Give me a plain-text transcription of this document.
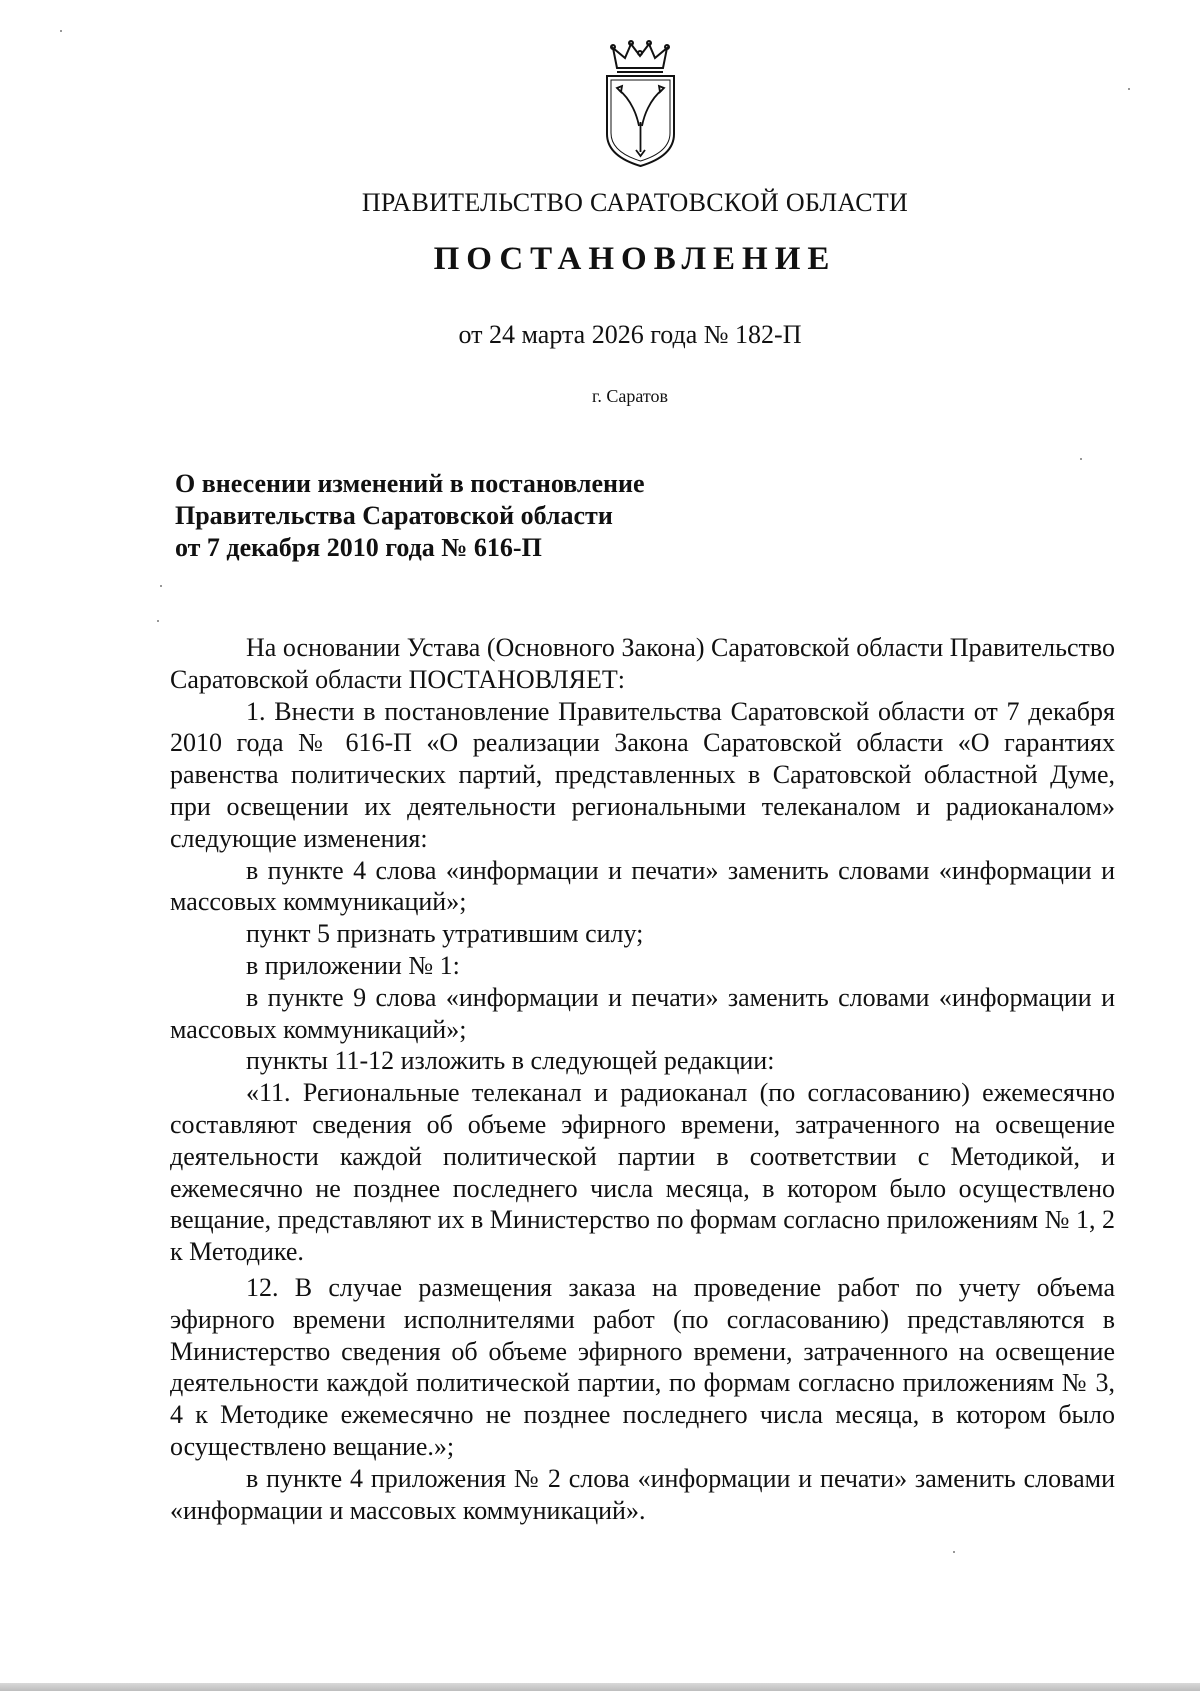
ПРАВИТЕЛЬСТВО САРАТОВСКОЙ ОБЛАСТИ
ПОСТАНОВЛЕНИЕ
от 24 марта 2026 года № 182-П
г. Саратов
О внесении изменений в постановление
Правительства Саратовской области
от 7 декабря 2010 года № 616-П

На основании Устава (Основного Закона) Саратовской области Правительство Саратовской области ПОСТАНОВЛЯЕТ:

1. Внести в постановление Правительства Саратовской области от 7 декабря 2010 года № 616-П «О реализации Закона Саратовской области «О гарантиях равенства политических партий, представленных в Саратовской областной Думе, при освещении их деятельности региональными телеканалом и радиоканалом» следующие изменения:

в пункте 4 слова «информации и печати» заменить словами «информации и массовых коммуникаций»;

пункт 5 признать утратившим силу;

в приложении № 1:

в пункте 9 слова «информации и печати» заменить словами «информации и массовых коммуникаций»;

пункты 11-12 изложить в следующей редакции:

«11. Региональные телеканал и радиоканал (по согласованию) ежемесячно составляют сведения об объеме эфирного времени, затраченного на освещение деятельности каждой политической партии в соответствии с Методикой, и ежемесячно не позднее последнего числа месяца, в котором было осуществлено вещание, представляют их в Министерство по формам согласно приложениям № 1, 2 к Методике.

12. В случае размещения заказа на проведение работ по учету объема эфирного времени исполнителями работ (по согласованию) представляются в Министерство сведения об объеме эфирного времени, затраченного на освещение деятельности каждой политической партии, по формам согласно приложениям № 3, 4 к Методике ежемесячно не позднее последнего числа месяца, в котором было осуществлено вещание.»;

в пункте 4 приложения № 2 слова «информации и печати» заменить словами «информации и массовых коммуникаций».
